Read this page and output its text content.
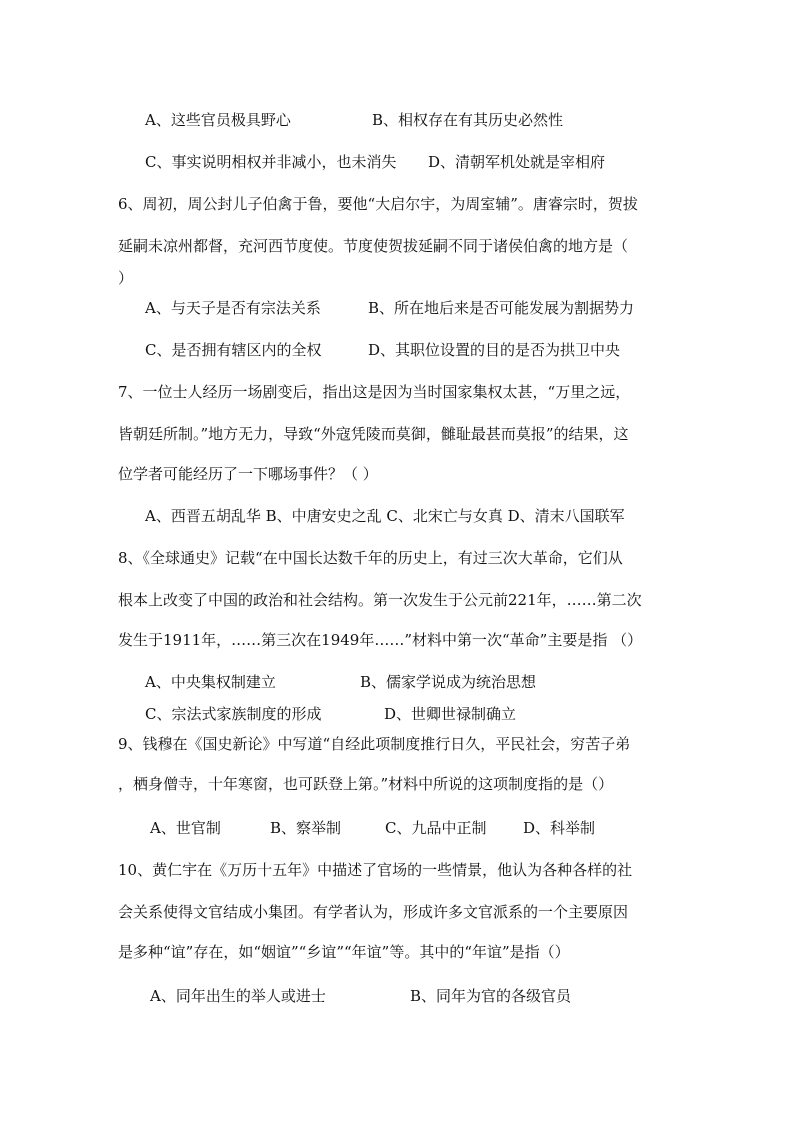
A、这些官员极具野心	B、相权存在有其历史必然性
C、事实说明相权并非减小，也未消失 D、清朝军机处就是宰相府
6、周初，周公封儿子伯禽于鲁，要他“大启尔宇，为周室辅”。唐睿宗时，贺拔
延嗣未凉州都督，充河西节度使。节度使贺拔延嗣不同于诸侯伯禽的地方是（
）
A、与天子是否有宗法关系	B、所在地后来是否可能发展为割据势力
C、是否拥有辖区内的全权	D、其职位设置的目的是否为拱卫中央
7、一位士人经历一场剧变后，指出这是因为当时国家集权太甚，“万里之远，
皆朝廷所制。”地方无力，导致“外寇凭陵而莫御，雠耻最甚而莫报”的结果，这
位学者可能经历了一下哪场事件？（ ）
A、西晋五胡乱华 B、中唐安史之乱 C、北宋亡与女真 D、清末八国联军
8、《全球通史》记载“在中国长达数千年的历史上，有过三次大革命，它们从
根本上改变了中国的政治和社会结构。第一次发生于公元前221年，……第二次
发生于1911年，……第三次在1949年……”材料中第一次“革命”主要是指 （）
A、中央集权制建立	B、儒家学说成为统治思想
C、宗法式家族制度的形成	D、世卿世禄制确立
9、钱穆在《国史新论》中写道“自经此项制度推行日久，平民社会，穷苦子弟
，栖身僧寺，十年寒窗，也可跃登上第。”材料中所说的这项制度指的是（）
A、世官制	B、察举制	C、九品中正制 D、科举制
10、黄仁宇在《万历十五年》中描述了官场的一些情景，他认为各种各样的社
会关系使得文官结成小集团。有学者认为，形成许多文官派系的一个主要原因
是多种“谊”存在，如“姻谊”“乡谊”“年谊”等。其中的“年谊”是指（）
A、同年出生的举人或进士	B、同年为官的各级官员
